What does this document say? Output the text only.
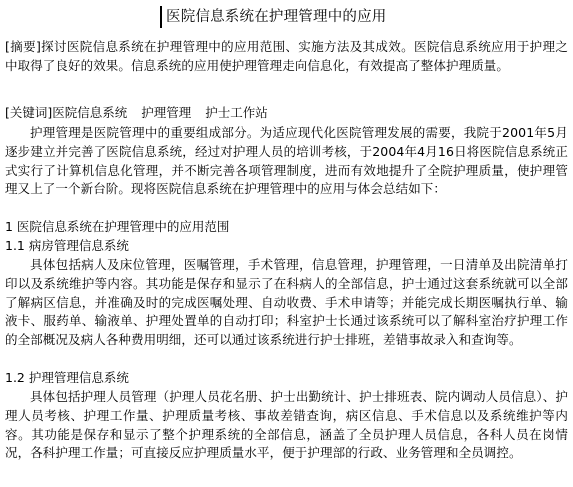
医院信息系统在护理管理中的应用
[摘要]探讨医院信息系统在护理管理中的应用范围、实施方法及其成效。医院信息系统应用于护理之中取得了良好的效果。信息系统的应用使护理管理走向信息化，有效提高了整体护理质量。
[关键词]医院信息系统 护理管理 护士工作站
护理管理是医院管理中的重要组成部分。为适应现代化医院管理发展的需要，我院于2001年5月逐步建立并完善了医院信息系统，经过对护理人员的培训考核，于2004年4月16日将医院信息系统正式实行了计算机信息化管理，并不断完善各项管理制度，进而有效地提升了全院护理质量，使护理管理又上了一个新台阶。现将医院信息系统在护理管理中的应用与体会总结如下：
1 医院信息系统在护理管理中的应用范围
1.1 病房管理信息系统
具体包括病人及床位管理，医嘱管理，手术管理，信息管理，护理管理，一日清单及出院清单打印以及系统维护等内容。其功能是保存和显示了在科病人的全部信息，护士通过这套系统就可以全部了解病区信息，并准确及时的完成医嘱处理、自动收费、手术申请等；并能完成长期医嘱执行单、输液卡、服药单、输液单、护理处置单的自动打印；科室护士长通过该系统可以了解科室治疗护理工作的全部概况及病人各种费用明细，还可以通过该系统进行护士排班，差错事故录入和查询等。
1.2 护理管理信息系统
具体包括护理人员管理（护理人员花名册、护士出勤统计、护士排班表、院内调动人员信息）、护理人员考核、护理工作量、护理质量考核、事故差错查询，病区信息、手术信息以及系统维护等内容。其功能是保存和显示了整个护理系统的全部信息，涵盖了全员护理人员信息，各科人员在岗情况，各科护理工作量；可直接反应护理质量水平，便于护理部的行政、业务管理和全员调控。
